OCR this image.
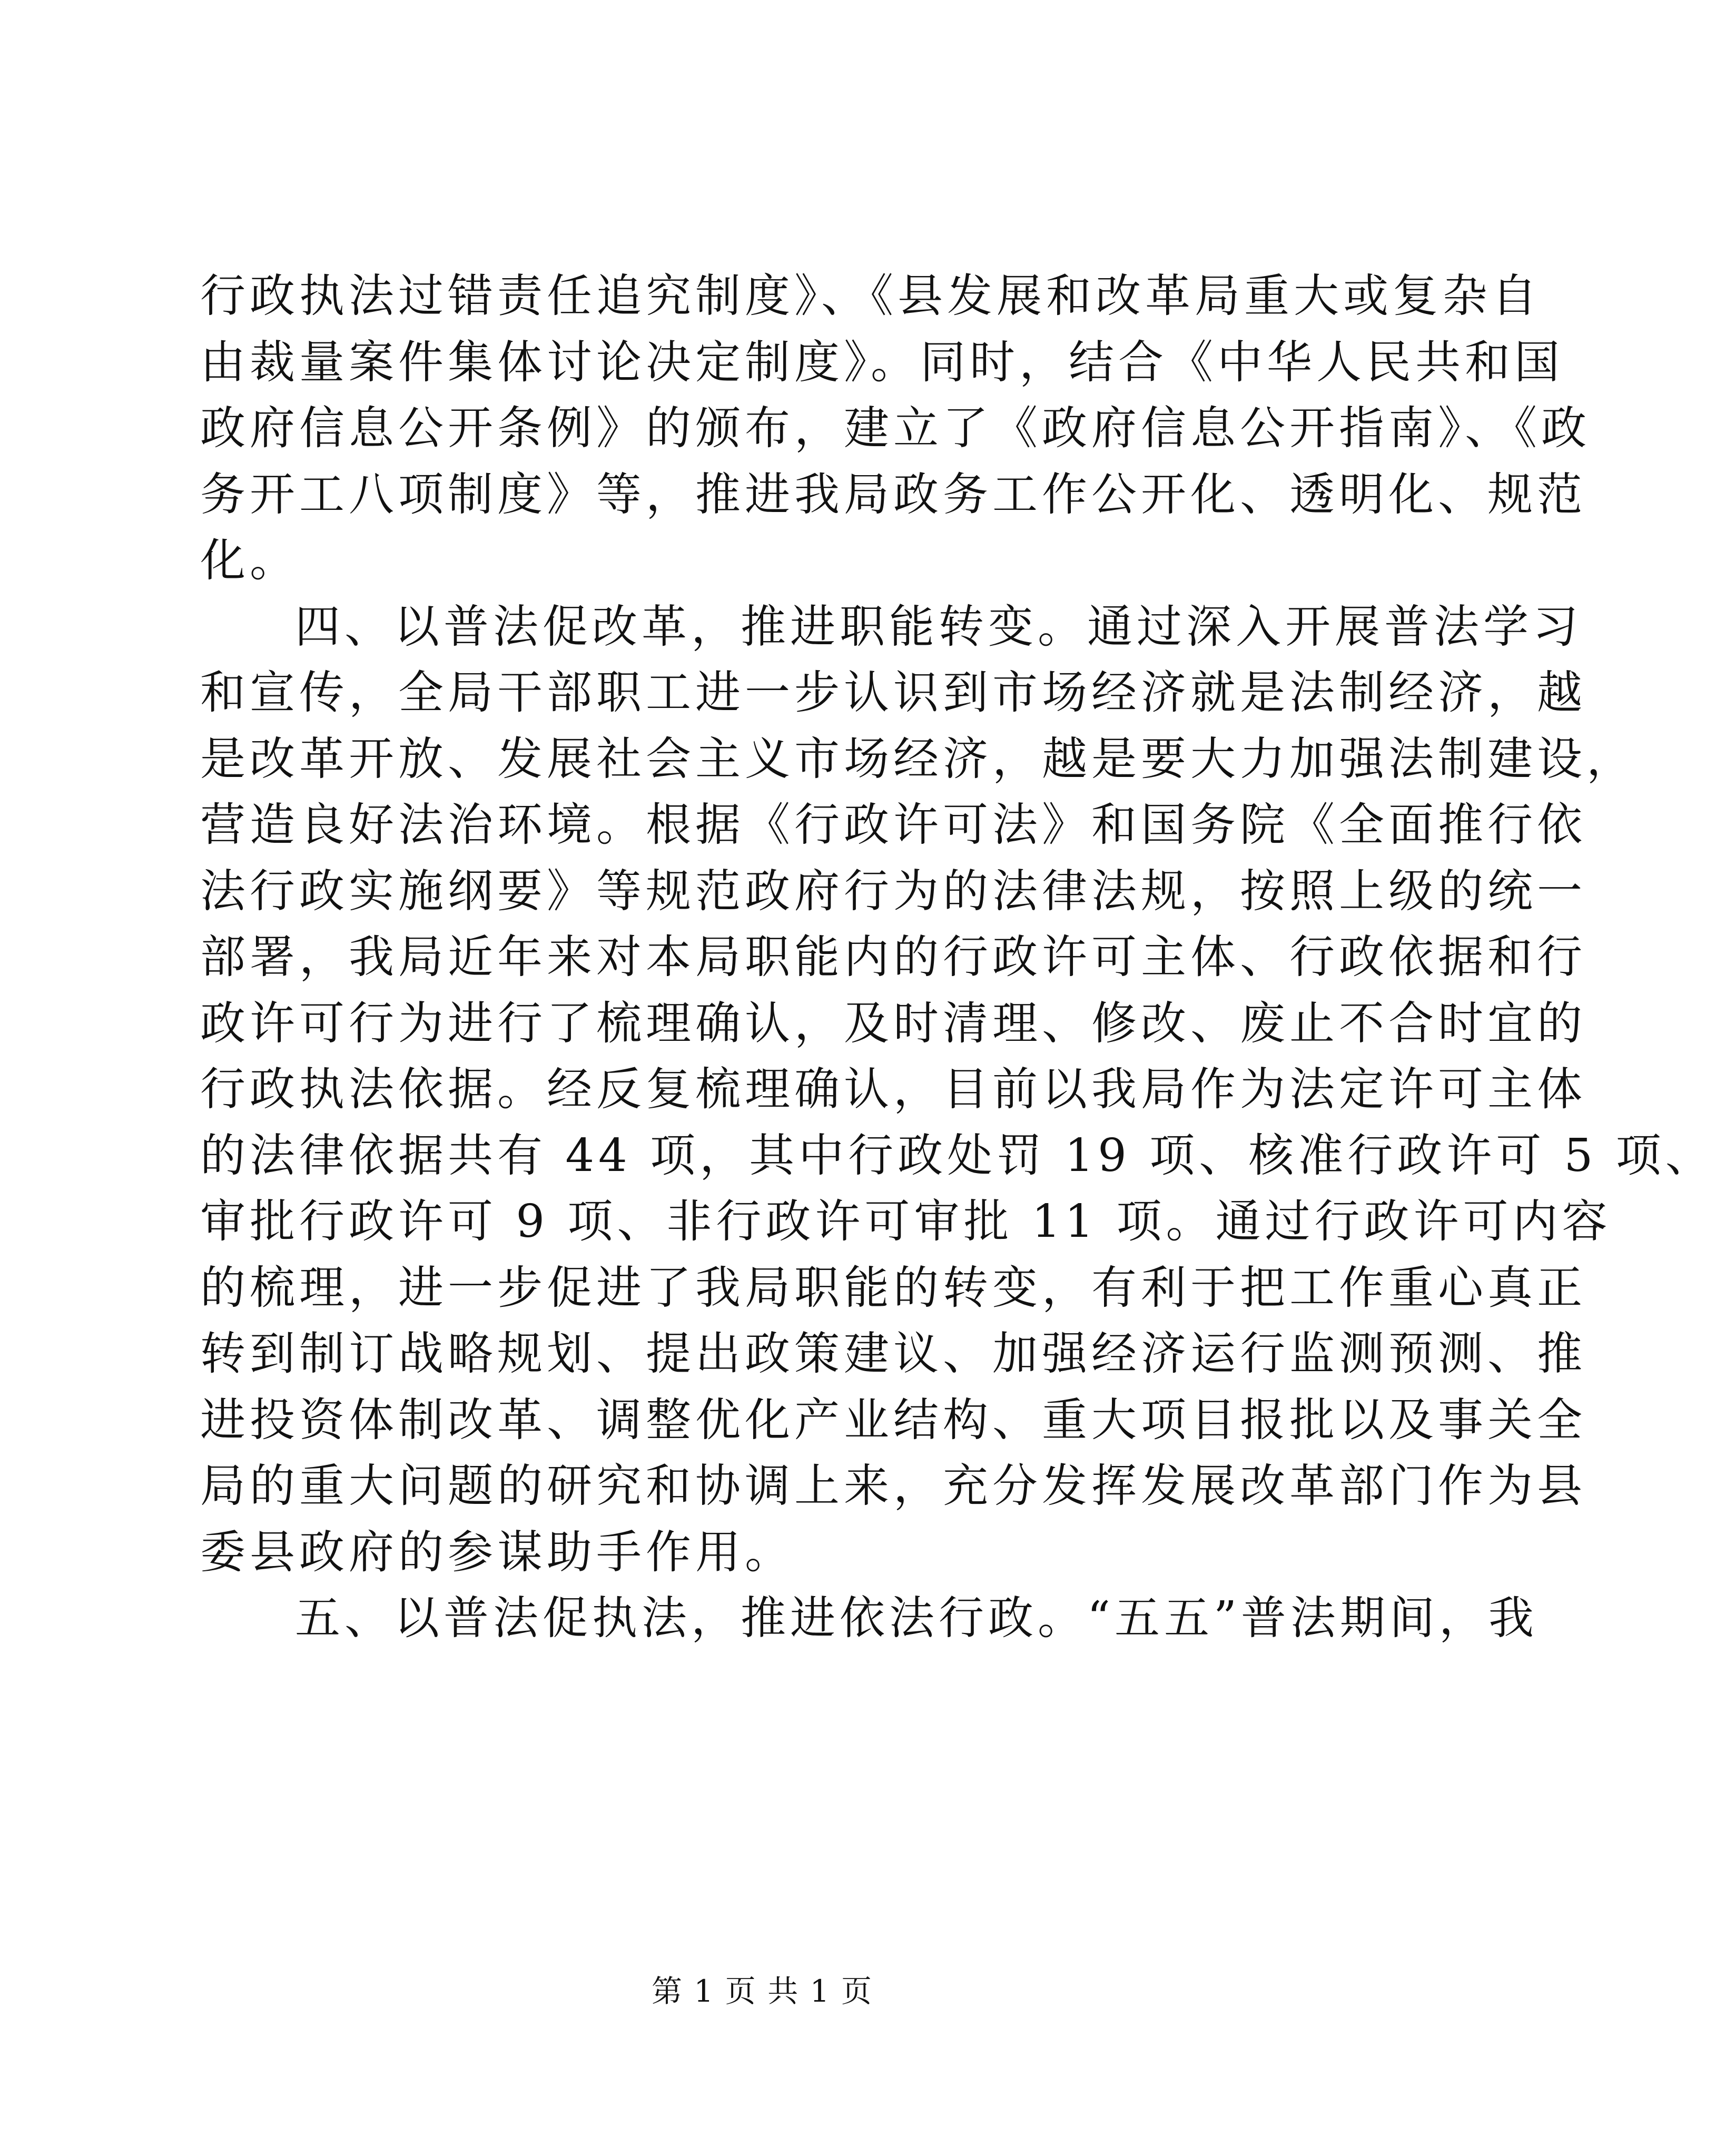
行政执法过错责任追究制度》、《县发展和改革局重大或复杂自
由裁量案件集体讨论决定制度》。同时，结合《中华人民共和国
政府信息公开条例》的颁布，建立了《政府信息公开指南》、《政
务开工八项制度》等，推进我局政务工作公开化、透明化、规范
化。

四、以普法促改革，推进职能转变。通过深入开展普法学习
和宣传，全局干部职工进一步认识到市场经济就是法制经济，越
是改革开放、发展社会主义市场经济，越是要大力加强法制建设，
营造良好法治环境。根据《行政许可法》和国务院《全面推行依
法行政实施纲要》等规范政府行为的法律法规，按照上级的统一
部署，我局近年来对本局职能内的行政许可主体、行政依据和行
政许可行为进行了梳理确认，及时清理、修改、废止不合时宜的
行政执法依据。经反复梳理确认，目前以我局作为法定许可主体
的法律依据共有 44 项，其中行政处罚 19 项、核准行政许可 5 项、
审批行政许可 9 项、非行政许可审批 11 项。通过行政许可内容
的梳理，进一步促进了我局职能的转变，有利于把工作重心真正
转到制订战略规划、提出政策建议、加强经济运行监测预测、推
进投资体制改革、调整优化产业结构、重大项目报批以及事关全
局的重大问题的研究和协调上来，充分发挥发展改革部门作为县
委县政府的参谋助手作用。

五、以普法促执法，推进依法行政。“五五”普法期间，我

第 1 页 共 1 页
